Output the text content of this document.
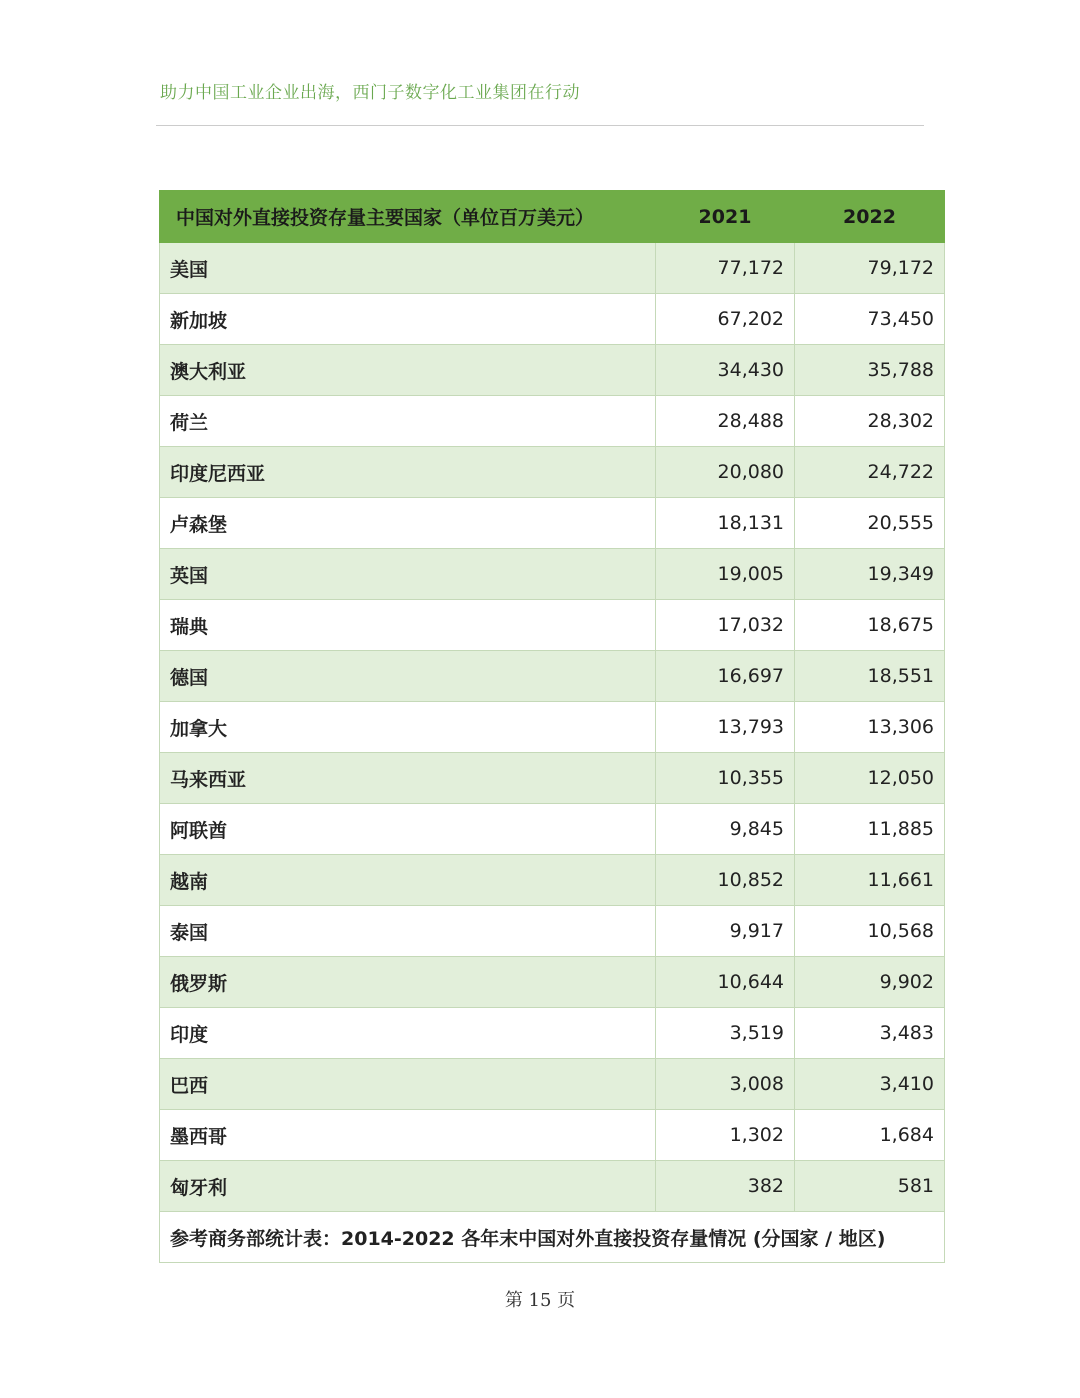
助力中国工业企业出海，西门子数字化工业集团在行动
中国对外直接投资存量主要国家（单位百万美元）	2021	2022
美国	77,172	79,172
新加坡	67,202	73,450
澳大利亚	34,430	35,788
荷兰	28,488	28,302
印度尼西亚	20,080	24,722
卢森堡	18,131	20,555
英国	19,005	19,349
瑞典	17,032	18,675
德国	16,697	18,551
加拿大	13,793	13,306
马来西亚	10,355	12,050
阿联酋	9,845	11,885
越南	10,852	11,661
泰国	9,917	10,568
俄罗斯	10,644	9,902
印度	3,519	3,483
巴西	3,008	3,410
墨西哥	1,302	1,684
匈牙利	382	581
参考商务部统计表：2014-2022 各年末中国对外直接投资存量情况 (分国家 / 地区)		
第 15 页
